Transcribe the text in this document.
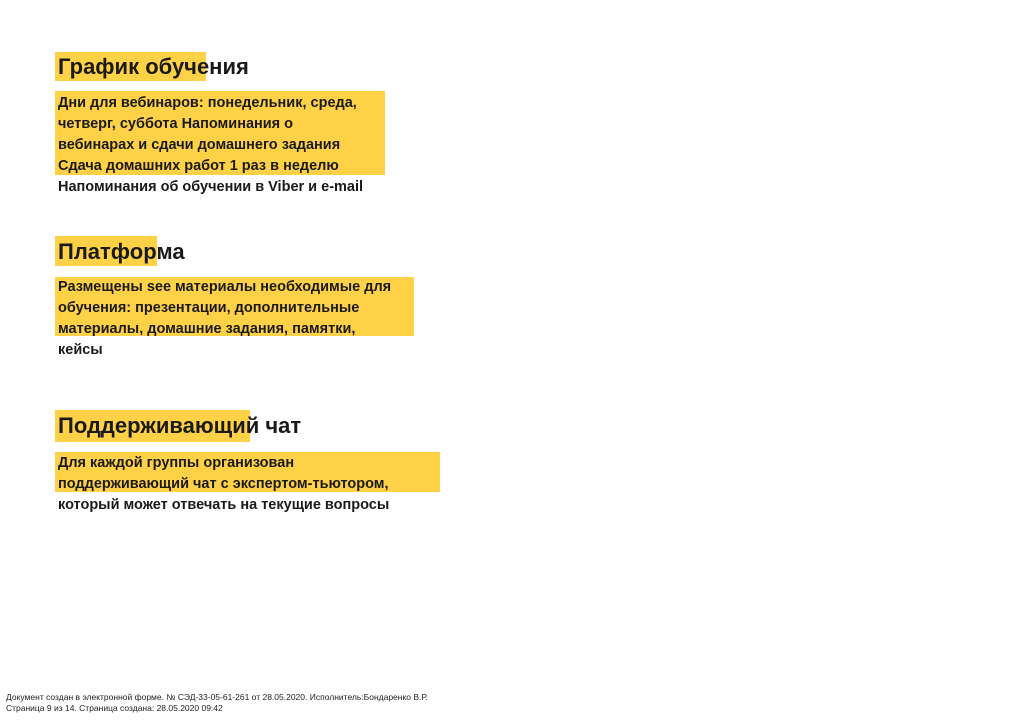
График обучения

Дни для вебинаров: понедельник, среда,
четверг, суббота Напоминания о
вебинарах и сдачи домашнего задания
Сдача домашних работ 1 раз в неделю
Напоминания об обучении в Viber и e-mail

Платформа

Размещены see материалы необходимые для
обучения: презентации, дополнительные
материалы, домашние задания, памятки,
кейсы

Поддерживающий чат

Для каждой группы организован
поддерживающий чат с экспертом-тьютором,
который может отвечать на текущие вопросы

Документ создан в электронной форме. № СЭД-33-05-61-261 от 28.05.2020. Исполнитель:Бондаренко В.Р.
Страница 9 из 14. Страница создана: 28.05.2020 09:42
